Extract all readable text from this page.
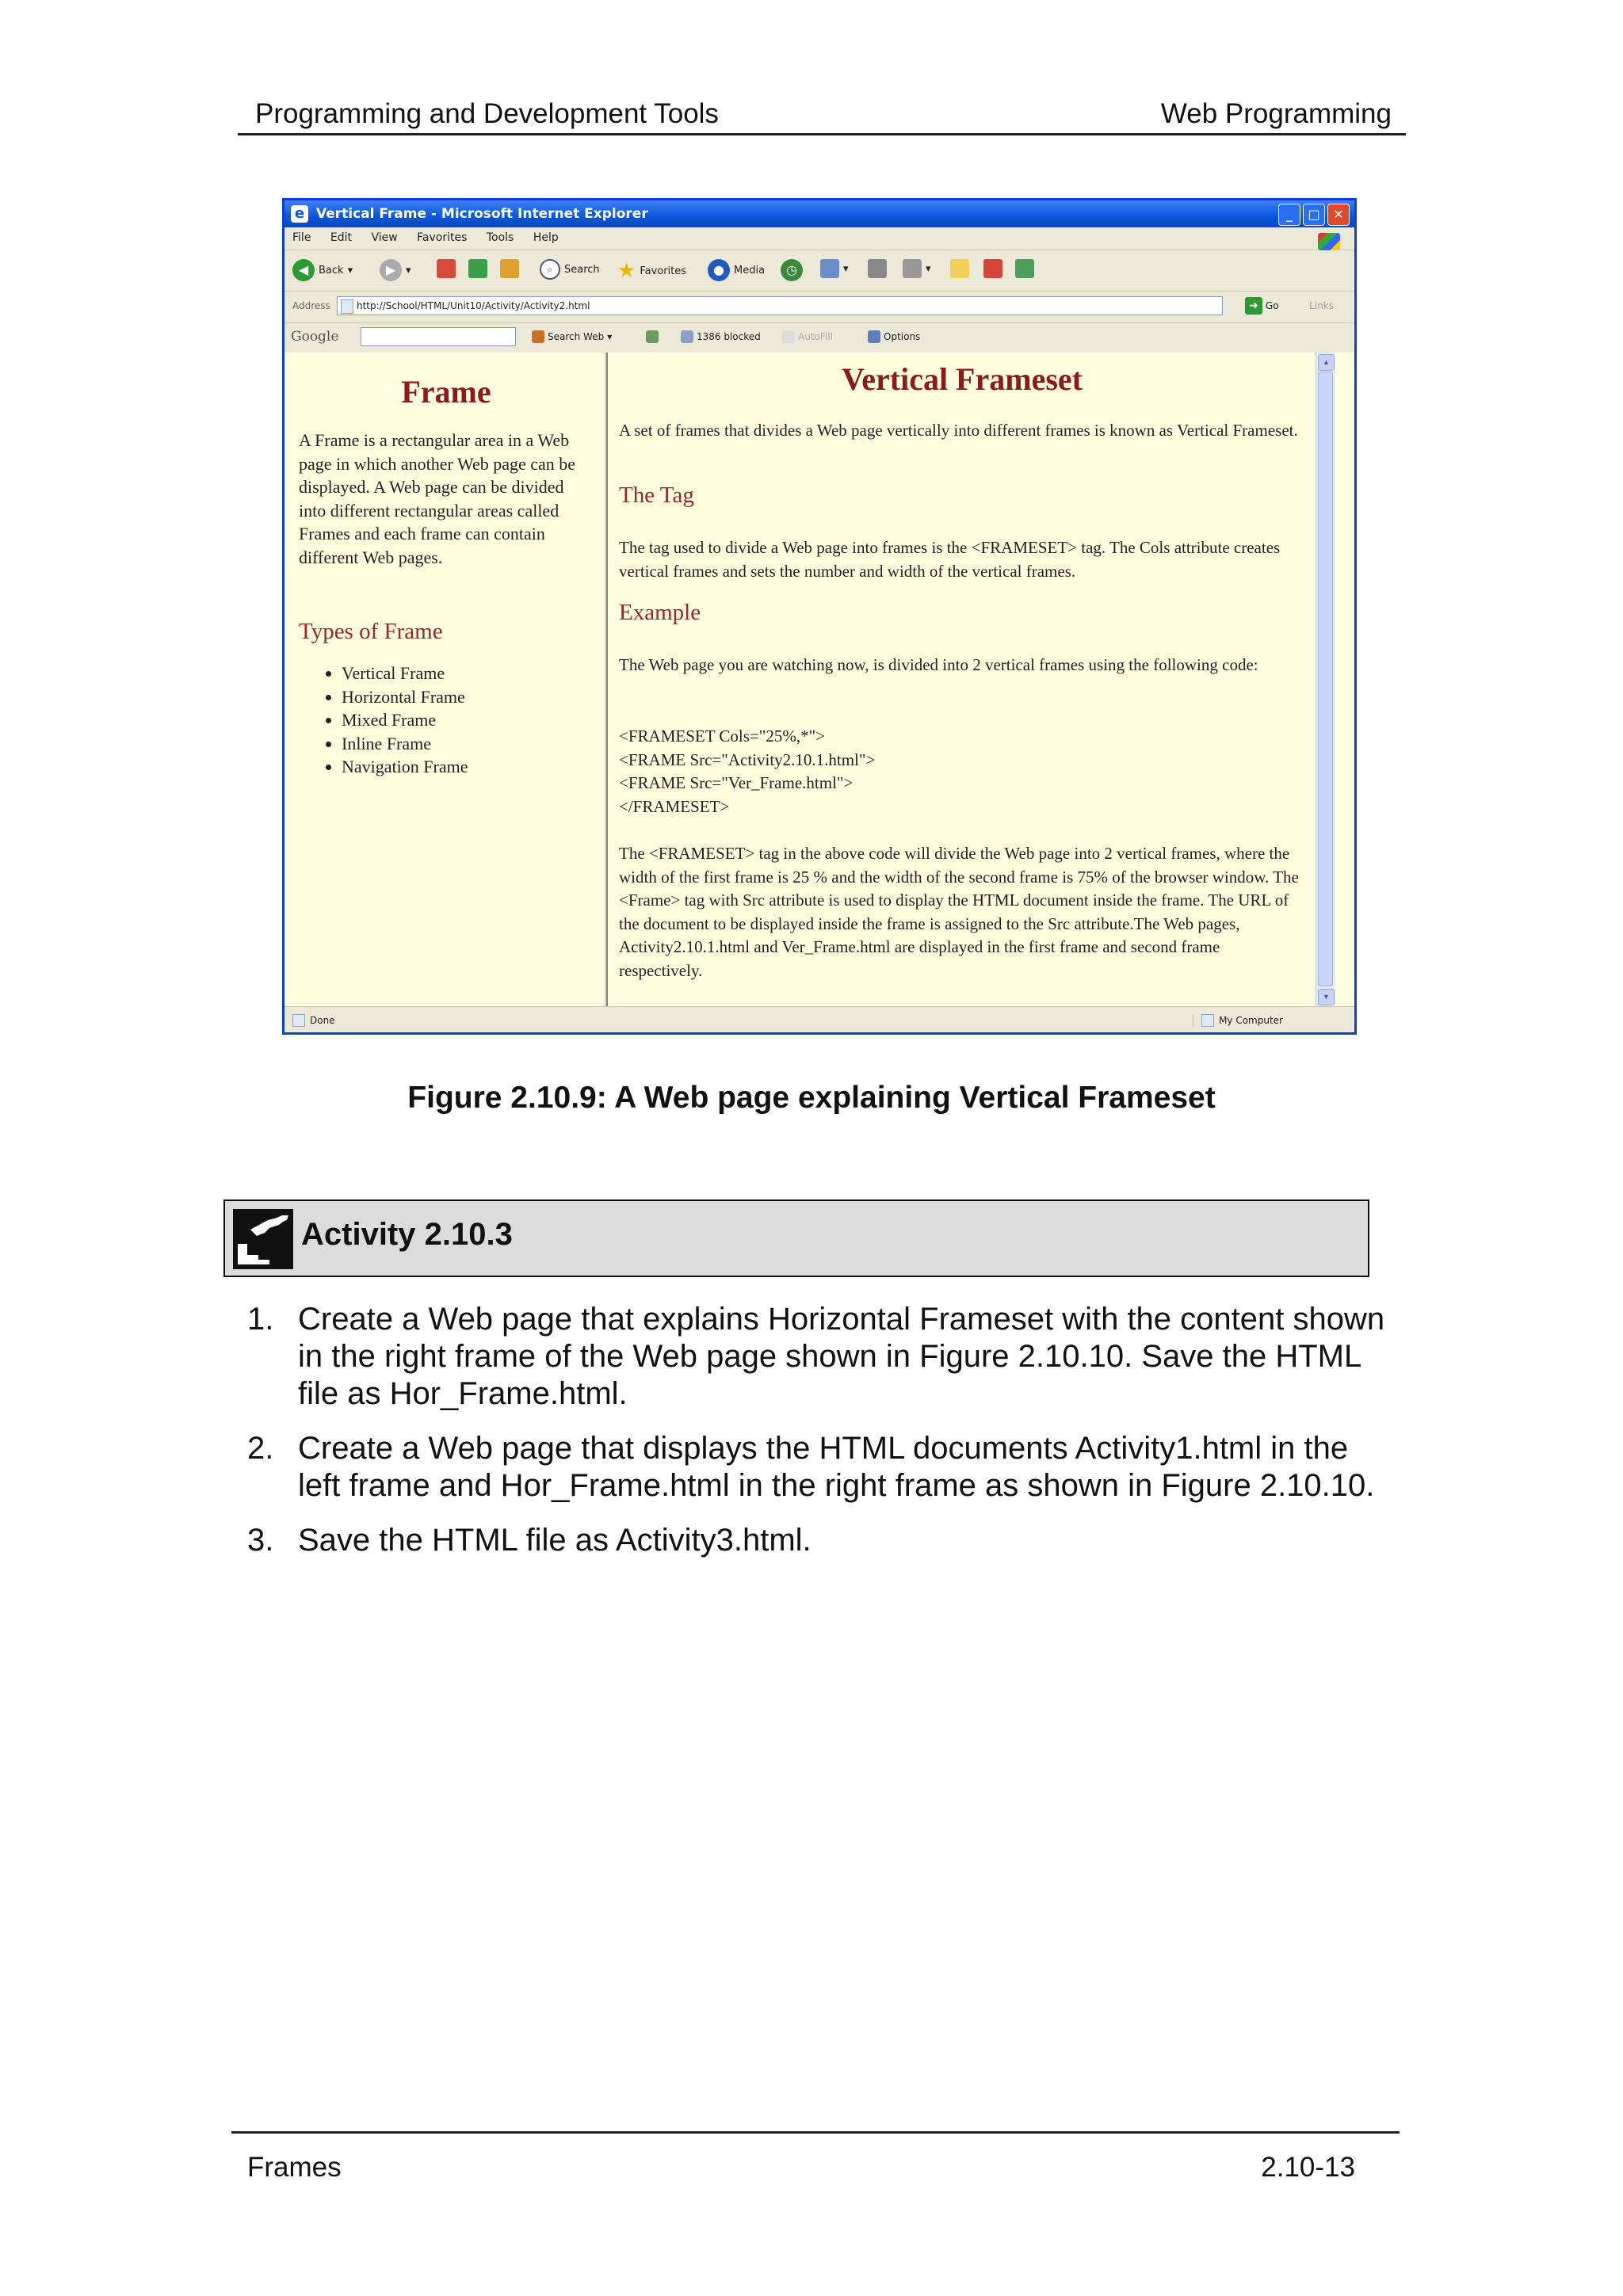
Programming and Development Tools	Web Programming
e Vertical Frame - Microsoft Internet Explorer	_	□	✕
File Edit View Favorites Tools Help
◀ Back ▾	▶ ▾	⌕	Search ★ Favorites	● Media	◷	▾	▾
Address	http://School/HTML/Unit10/Activity/Activity2.html	➜ Go	Links
Google	Search Web ▾	1386 blocked	AutoFill	Options
Frame
A Frame is a rectangular area in a Web page in which another Web page can be displayed. A Web page can be divided into different rectangular areas called Frames and each frame can contain different Web pages.
Types of Frame
• Vertical Frame
• Horizontal Frame
• Mixed Frame
• Inline Frame
• Navigation Frame
Vertical Frameset
A set of frames that divides a Web page vertically into different frames is known as Vertical Frameset.
The Tag
The tag used to divide a Web page into frames is the <FRAMESET> tag. The Cols attribute creates vertical frames and sets the number and width of the vertical frames.
Example
The Web page you are watching now, is divided into 2 vertical frames using the following code:
<FRAMESET Cols="25%,*">
<FRAME Src="Activity2.10.1.html">
<FRAME Src="Ver_Frame.html">
</FRAMESET>
The <FRAMESET> tag in the above code will divide the Web page into 2 vertical frames, where the width of the first frame is 25 % and the width of the second frame is 75% of the browser window. The <Frame> tag with Src attribute is used to display the HTML document inside the frame. The URL of the document to be displayed inside the frame is assigned to the Src attribute.The Web pages, Activity2.10.1.html and Ver_Frame.html are displayed in the first frame and second frame respectively.
▲
▼
Done	My Computer
Figure 2.10.9: A Web page explaining Vertical Frameset
Activity 2.10.3
1. Create a Web page that explains Horizontal Frameset with the content shown in the right frame of the Web page shown in Figure 2.10.10. Save the HTML file as Hor_Frame.html.
2. Create a Web page that displays the HTML documents Activity1.html in the left frame and Hor_Frame.html in the right frame as shown in Figure 2.10.10.
3. Save the HTML file as Activity3.html.
Frames	2.10-13
